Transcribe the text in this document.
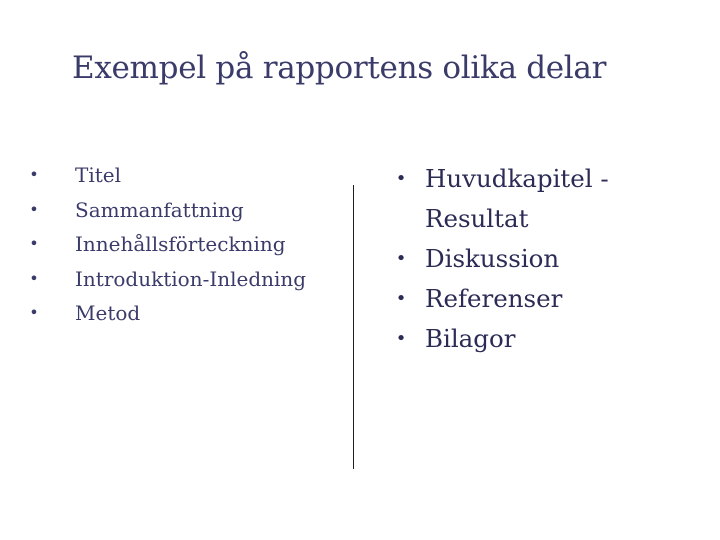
Exempel på rapportens olika delar
• Titel
• Sammanfattning
• Innehållsförteckning
• Introduktion-Inledning
• Metod
• Huvudkapitel - Resultat
• Diskussion
• Referenser
• Bilagor
